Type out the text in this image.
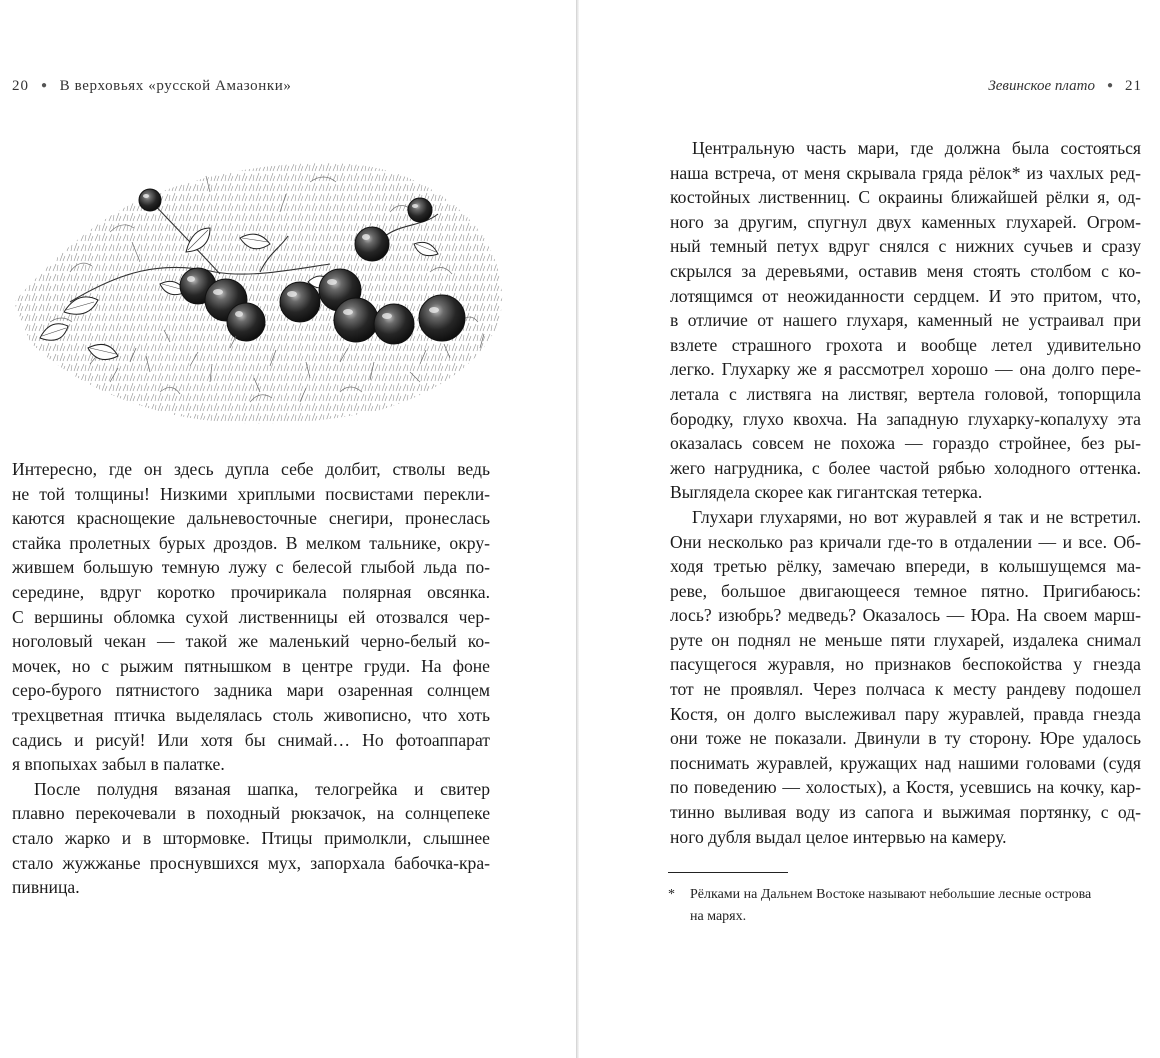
20 ● В верховьях «русской Амазонки»
Интересно, где он здесь дупла себе долбит, стволы ведь
не той толщины! Низкими хриплыми посвистами перекли-
каются краснощекие дальневосточные снегири, пронеслась
стайка пролетных бурых дроздов. В мелком тальнике, окру-
жившем большую темную лужу с белесой глыбой льда по-
середине, вдруг коротко прочирикала полярная овсянка.
С вершины обломка сухой лиственницы ей отозвался чер-
ноголовый чекан — такой же маленький черно-белый ко-
мочек, но с рыжим пятнышком в центре груди. На фоне
серо-бурого пятнистого задника мари озаренная солнцем
трехцветная птичка выделялась столь живописно, что хоть
садись и рисуй! Или хотя бы снимай… Но фотоаппарат
я впопыхах забыл в палатке.
После полудня вязаная шапка, телогрейка и свитер
плавно перекочевали в походный рюкзачок, на солнцепеке
стало жарко и в штормовке. Птицы примолкли, слышнее
стало жужжанье проснувшихся мух, запорхала бабочка-кра-
пивница.
Зевинское плато ● 21
Центральную часть мари, где должна была состояться
наша встреча, от меня скрывала гряда рёлок* из чахлых ред-
костойных лиственниц. С окраины ближайшей рёлки я, од-
ного за другим, спугнул двух каменных глухарей. Огром-
ный темный петух вдруг снялся с нижних сучьев и сразу
скрылся за деревьями, оставив меня стоять столбом с ко-
лотящимся от неожиданности сердцем. И это притом, что,
в отличие от нашего глухаря, каменный не устраивал при
взлете страшного грохота и вообще летел удивительно
легко. Глухарку же я рассмотрел хорошо — она долго пере-
летала с листвяга на листвяг, вертела головой, топорщила
бородку, глухо квохча. На западную глухарку-копалуху эта
оказалась совсем не похожа — гораздо стройнее, без ры-
жего нагрудника, с более частой рябью холодного оттенка.
Выглядела скорее как гигантская тетерка.
Глухари глухарями, но вот журавлей я так и не встретил.
Они несколько раз кричали где-то в отдалении — и все. Об-
ходя третью рёлку, замечаю впереди, в колышущемся ма-
реве, большое двигающееся темное пятно. Пригибаюсь:
лось? изюбрь? медведь? Оказалось — Юра. На своем марш-
руте он поднял не меньше пяти глухарей, издалека снимал
пасущегося журавля, но признаков беспокойства у гнезда
тот не проявлял. Через полчаса к месту рандеву подошел
Костя, он долго выслеживал пару журавлей, правда гнезда
они тоже не показали. Двинули в ту сторону. Юре удалось
поснимать журавлей, кружащих над нашими головами (судя
по поведению — холостых), а Костя, усевшись на кочку, кар-
тинно выливая воду из сапога и выжимая портянку, с од-
ного дубля выдал целое интервью на камеру.
* Рёлками на Дальнем Востоке называют небольшие лесные острова
на марях.
